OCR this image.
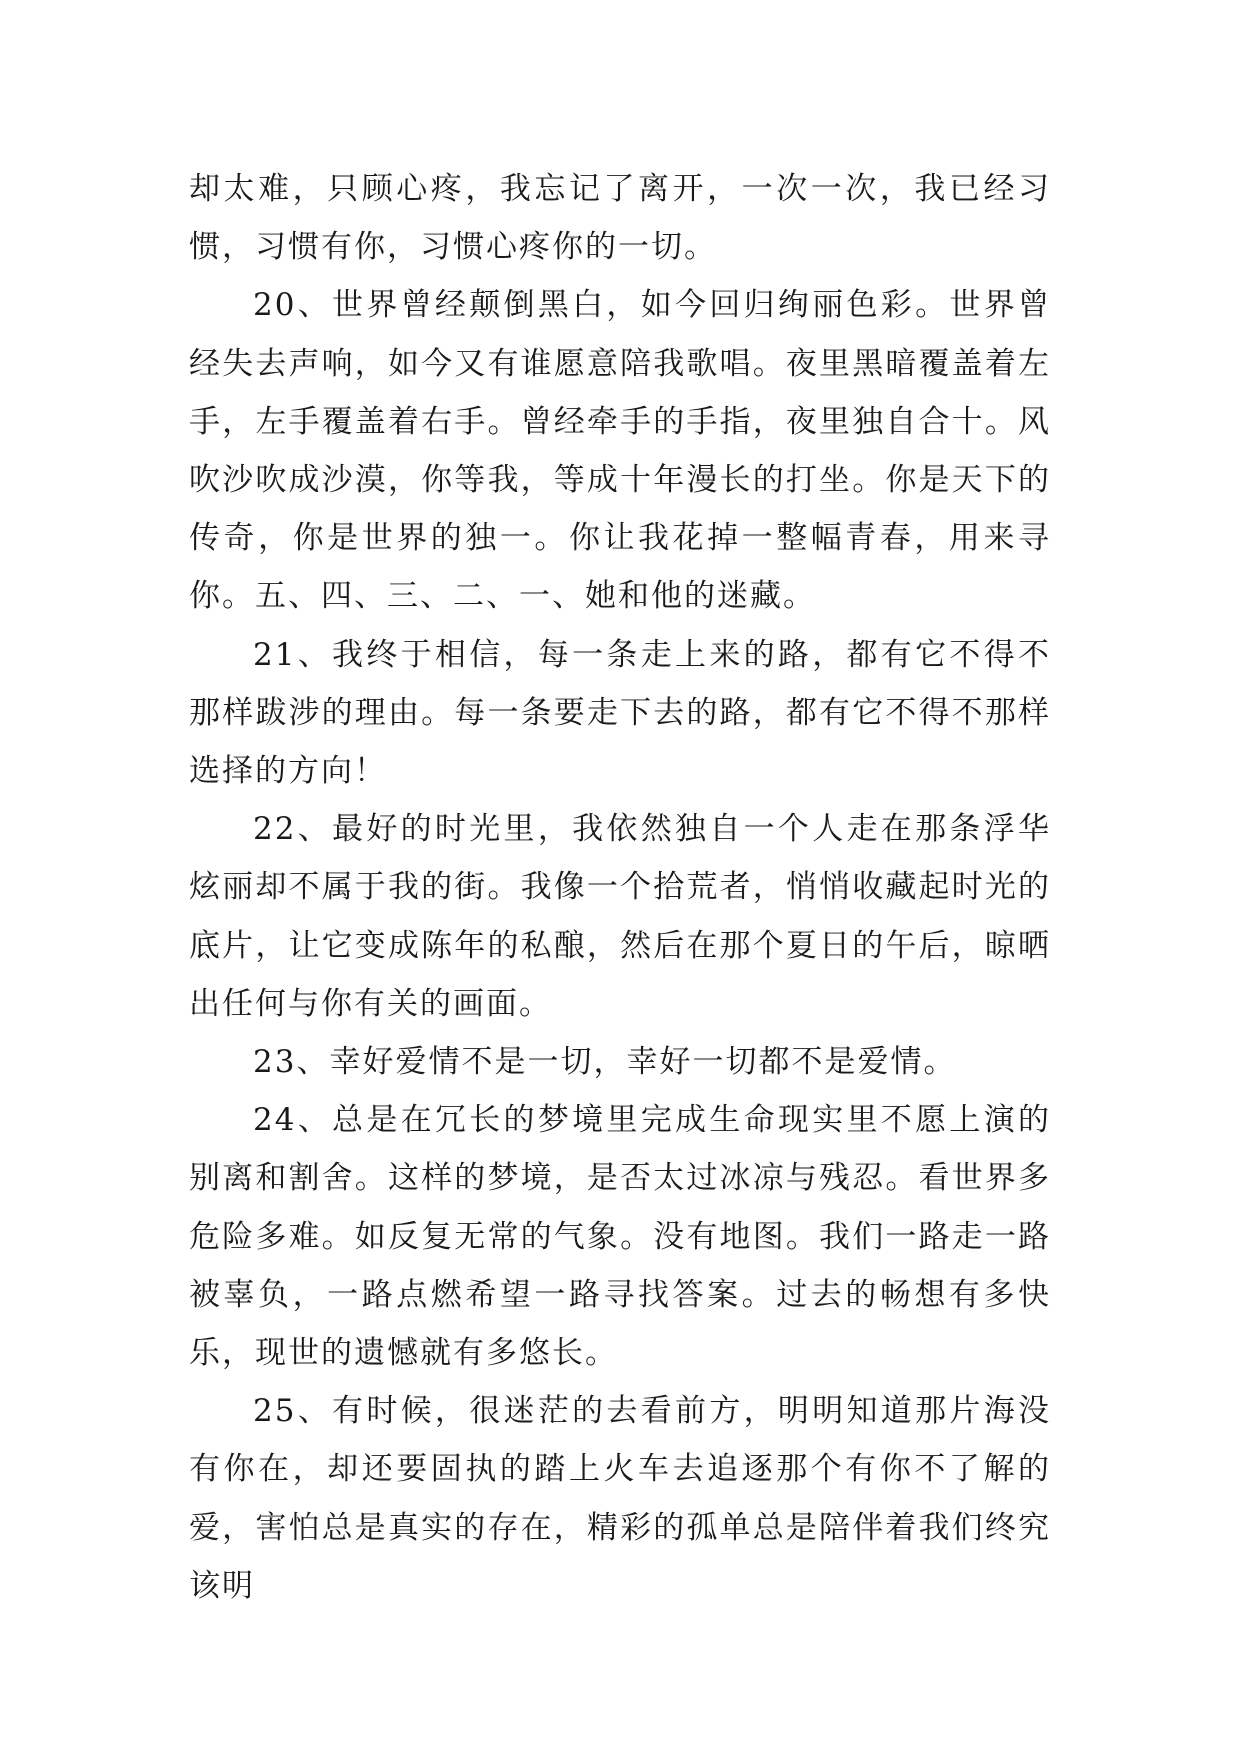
却太难，只顾心疼，我忘记了离开，一次一次，我已经习惯，习惯有你，习惯心疼你的一切。

20、世界曾经颠倒黑白，如今回归绚丽色彩。世界曾经失去声响，如今又有谁愿意陪我歌唱。夜里黑暗覆盖着左手，左手覆盖着右手。曾经牵手的手指，夜里独自合十。风吹沙吹成沙漠，你等我，等成十年漫长的打坐。你是天下的传奇，你是世界的独一。你让我花掉一整幅青春，用来寻你。五、四、三、二、一、她和他的迷藏。

21、我终于相信，每一条走上来的路，都有它不得不那样跋涉的理由。每一条要走下去的路，都有它不得不那样选择的方向！

22、最好的时光里，我依然独自一个人走在那条浮华炫丽却不属于我的街。我像一个拾荒者，悄悄收藏起时光的底片，让它变成陈年的私酿，然后在那个夏日的午后，晾晒出任何与你有关的画面。

23、幸好爱情不是一切，幸好一切都不是爱情。

24、总是在冗长的梦境里完成生命现实里不愿上演的别离和割舍。这样的梦境，是否太过冰凉与残忍。看世界多危险多难。如反复无常的气象。没有地图。我们一路走一路被辜负，一路点燃希望一路寻找答案。过去的畅想有多快乐，现世的遗憾就有多悠长。

25、有时候，很迷茫的去看前方，明明知道那片海没有你在，却还要固执的踏上火车去追逐那个有你不了解的爱，害怕总是真实的存在，精彩的孤单总是陪伴着我们终究该明
